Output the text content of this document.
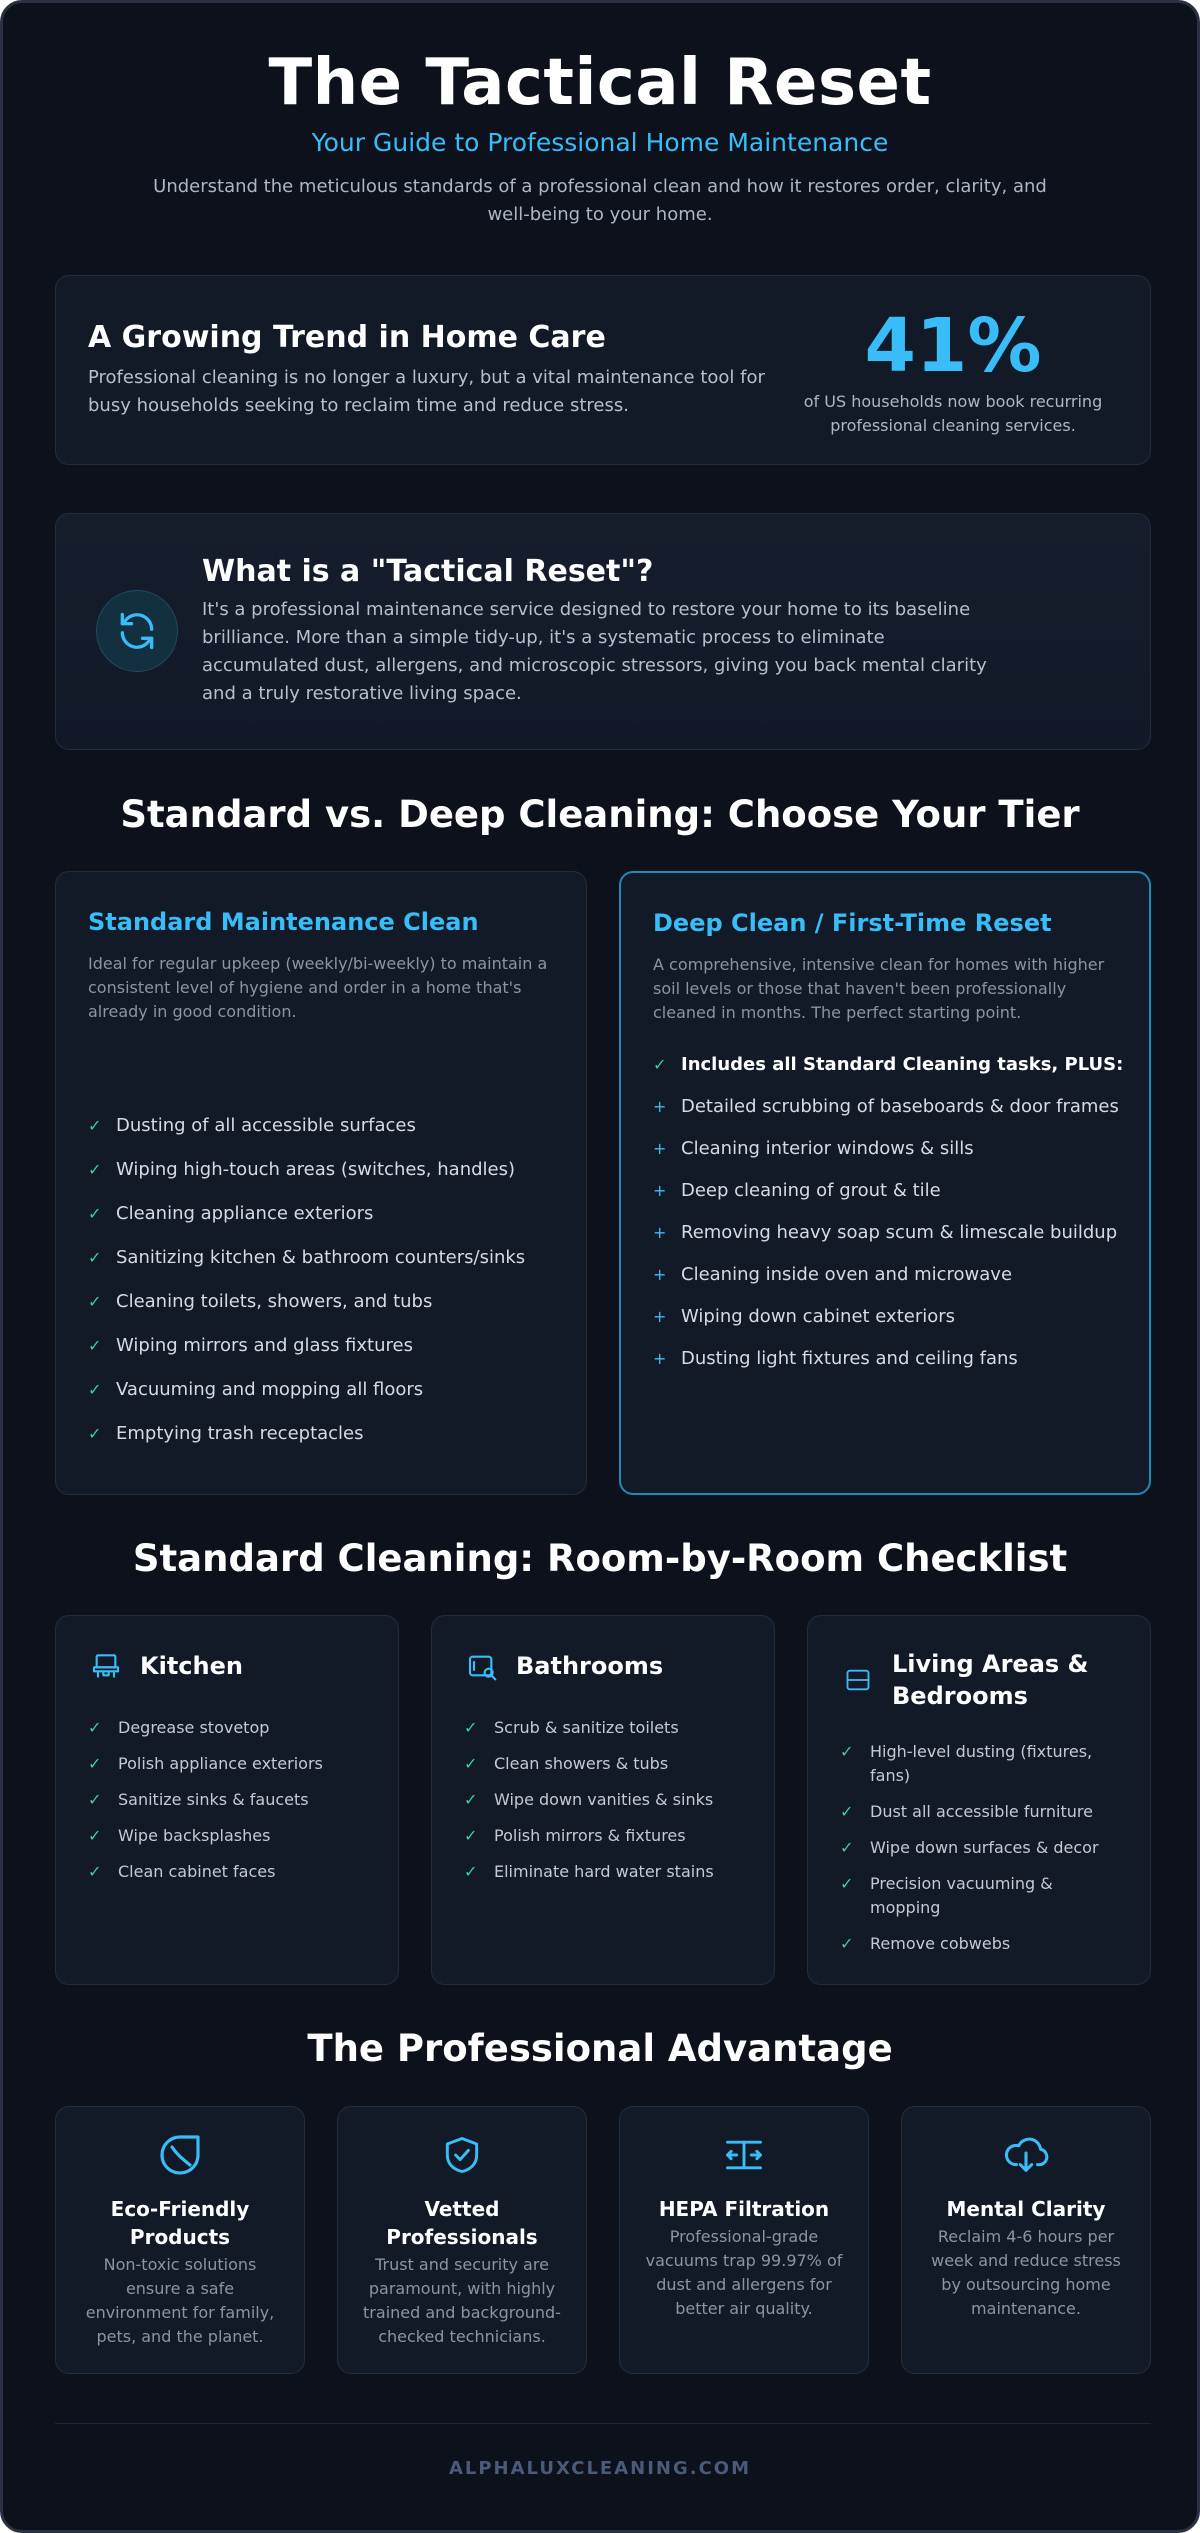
The Tactical Reset
Your Guide to Professional Home Maintenance
Understand the meticulous standards of a professional clean and how it restores order, clarity, and well-being to your home.
A Growing Trend in Home Care
Professional cleaning is no longer a luxury, but a vital maintenance tool for busy households seeking to reclaim time and reduce stress.
41%
of US households now book recurring professional cleaning services.
What is a "Tactical Reset"?
It's a professional maintenance service designed to restore your home to its baseline brilliance. More than a simple tidy-up, it's a systematic process to eliminate accumulated dust, allergens, and microscopic stressors, giving you back mental clarity and a truly restorative living space.
Standard vs. Deep Cleaning: Choose Your Tier
Standard Maintenance Clean
Ideal for regular upkeep (weekly/bi-weekly) to maintain a consistent level of hygiene and order in a home that's already in good condition.
✓ Dusting of all accessible surfaces
✓ Wiping high-touch areas (switches, handles)
✓ Cleaning appliance exteriors
✓ Sanitizing kitchen & bathroom counters/sinks
✓ Cleaning toilets, showers, and tubs
✓ Wiping mirrors and glass fixtures
✓ Vacuuming and mopping all floors
✓ Emptying trash receptacles
Deep Clean / First-Time Reset
A comprehensive, intensive clean for homes with higher soil levels or those that haven't been professionally cleaned in months. The perfect starting point.
✓ Includes all Standard Cleaning tasks, PLUS:
+ Detailed scrubbing of baseboards & door frames
+ Cleaning interior windows & sills
+ Deep cleaning of grout & tile
+ Removing heavy soap scum & limescale buildup
+ Cleaning inside oven and microwave
+ Wiping down cabinet exteriors
+ Dusting light fixtures and ceiling fans
Standard Cleaning: Room-by-Room Checklist
Kitchen
✓ Degrease stovetop
✓ Polish appliance exteriors
✓ Sanitize sinks & faucets
✓ Wipe backsplashes
✓ Clean cabinet faces
Bathrooms
✓ Scrub & sanitize toilets
✓ Clean showers & tubs
✓ Wipe down vanities & sinks
✓ Polish mirrors & fixtures
✓ Eliminate hard water stains
Living Areas & Bedrooms
✓ High-level dusting (fixtures, fans)
✓ Dust all accessible furniture
✓ Wipe down surfaces & decor
✓ Precision vacuuming & mopping
✓ Remove cobwebs
The Professional Advantage
Eco-Friendly Products
Non-toxic solutions ensure a safe environment for family, pets, and the planet.
Vetted Professionals
Trust and security are paramount, with highly trained and background-checked technicians.
HEPA Filtration
Professional-grade vacuums trap 99.97% of dust and allergens for better air quality.
Mental Clarity
Reclaim 4-6 hours per week and reduce stress by outsourcing home maintenance.
ALPHALUXCLEANING.COM
